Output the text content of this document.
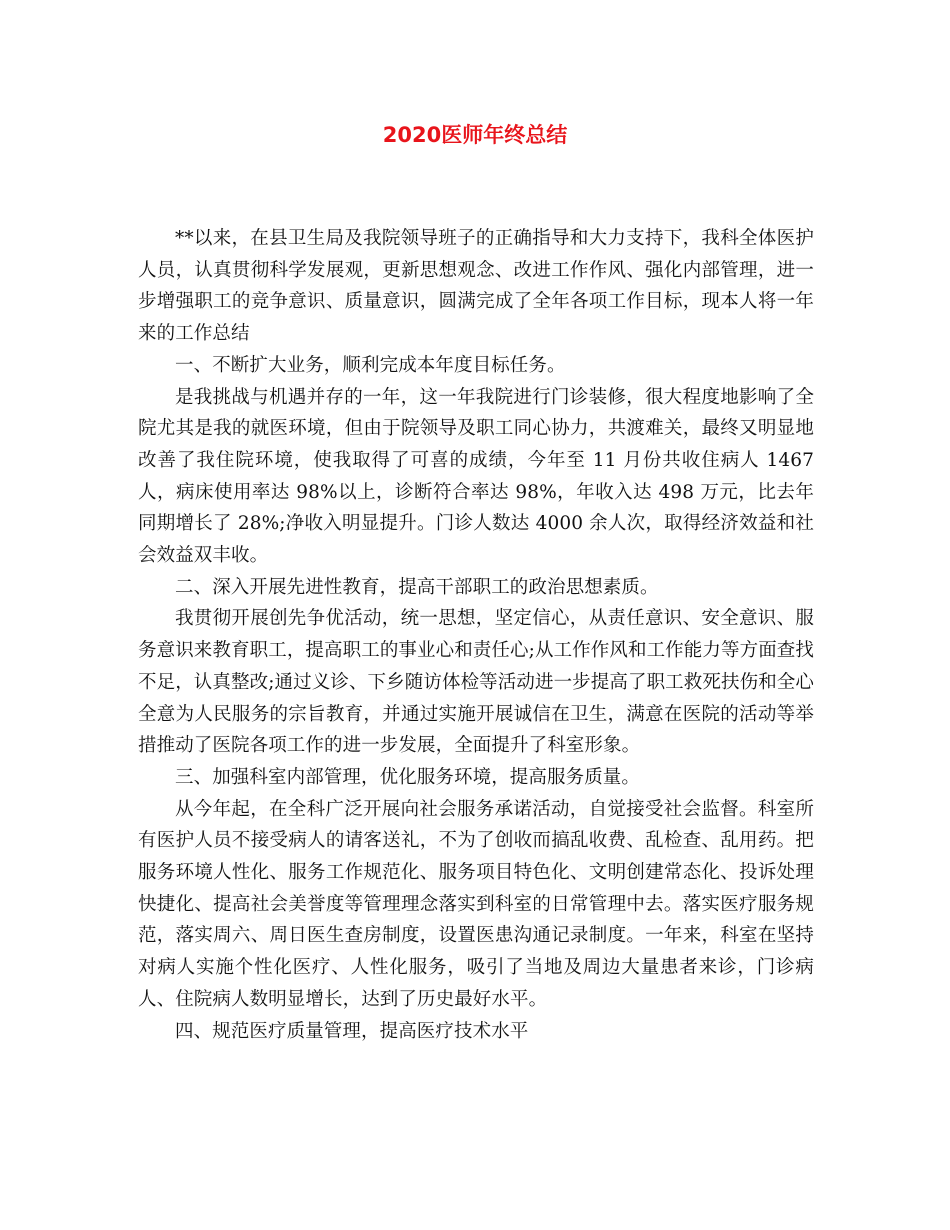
2020医师年终总结

**以来，在县卫生局及我院领导班子的正确指导和大力支持下，我科全体医护人员，认真贯彻科学发展观，更新思想观念、改进工作作风、强化内部管理，进一步增强职工的竞争意识、质量意识，圆满完成了全年各项工作目标，现本人将一年来的工作总结

一、不断扩大业务，顺利完成本年度目标任务。

是我挑战与机遇并存的一年，这一年我院进行门诊装修，很大程度地影响了全院尤其是我的就医环境，但由于院领导及职工同心协力，共渡难关，最终又明显地改善了我住院环境，使我取得了可喜的成绩，今年至 11 月份共收住病人 1467 人，病床使用率达 98%以上，诊断符合率达 98%，年收入达 498 万元，比去年同期增长了 28%;净收入明显提升。门诊人数达 4000 余人次，取得经济效益和社会效益双丰收。

二、深入开展先进性教育，提高干部职工的政治思想素质。

我贯彻开展创先争优活动，统一思想，坚定信心，从责任意识、安全意识、服务意识来教育职工，提高职工的事业心和责任心;从工作作风和工作能力等方面查找不足，认真整改;通过义诊、下乡随访体检等活动进一步提高了职工救死扶伤和全心全意为人民服务的宗旨教育，并通过实施开展诚信在卫生，满意在医院的活动等举措推动了医院各项工作的进一步发展，全面提升了科室形象。

三、加强科室内部管理，优化服务环境，提高服务质量。

从今年起，在全科广泛开展向社会服务承诺活动，自觉接受社会监督。科室所有医护人员不接受病人的请客送礼，不为了创收而搞乱收费、乱检查、乱用药。把服务环境人性化、服务工作规范化、服务项目特色化、文明创建常态化、投诉处理快捷化、提高社会美誉度等管理理念落实到科室的日常管理中去。落实医疗服务规范，落实周六、周日医生查房制度，设置医患沟通记录制度。一年来，科室在坚持对病人实施个性化医疗、人性化服务，吸引了当地及周边大量患者来诊，门诊病人、住院病人数明显增长，达到了历史最好水平。

四、规范医疗质量管理，提高医疗技术水平
